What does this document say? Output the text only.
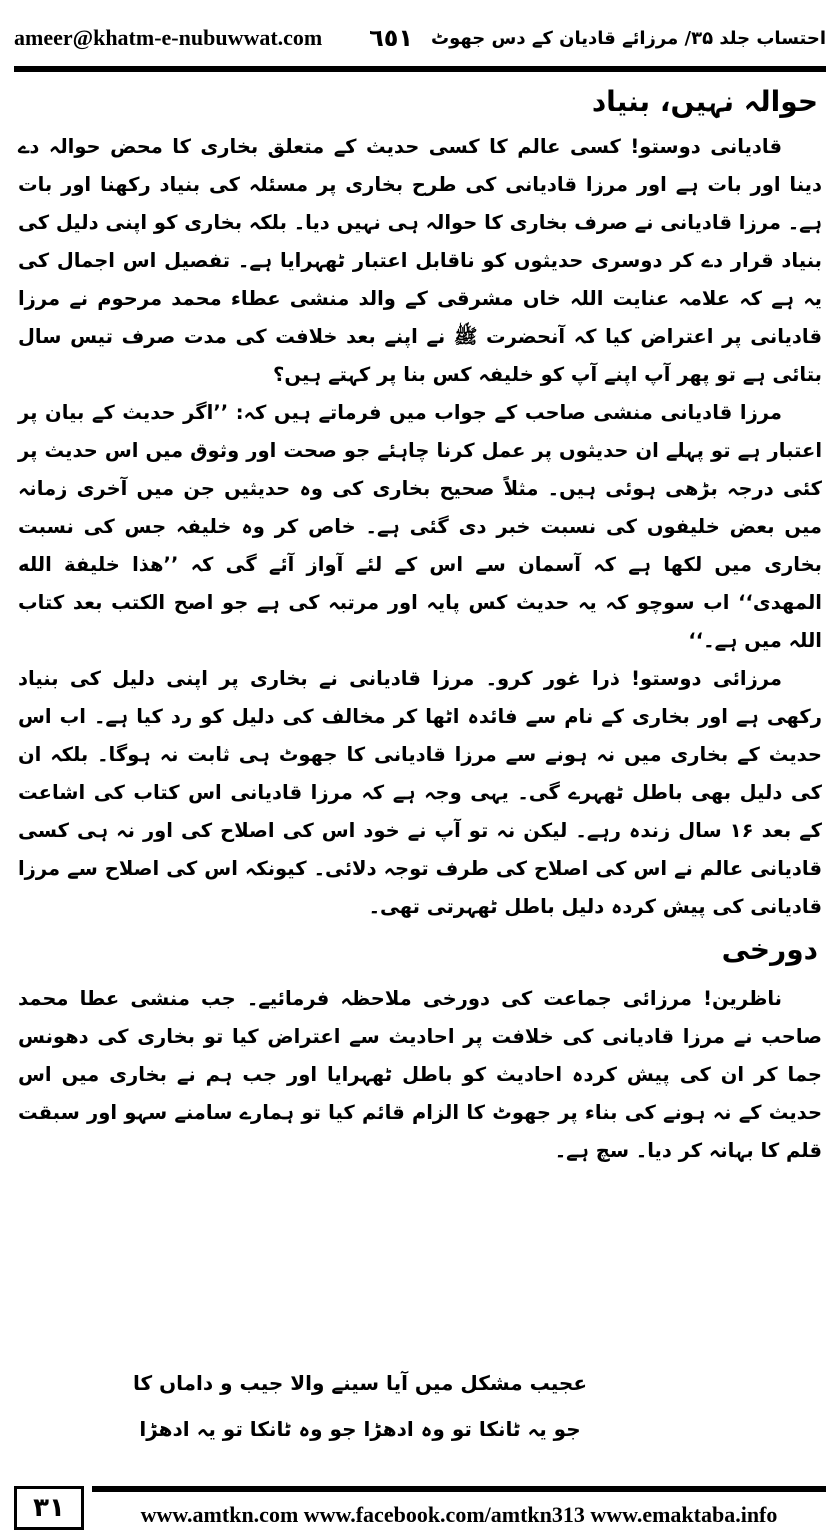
ameer@khatm-e-nubuwwat.com	احتساب جلد ۳۵/ مرزائے قادیان کے دس جھوٹ
٦٥١
حوالہ نہیں، بنیاد

قادیانی دوستو! کسی عالم کا کسی حدیث کے متعلق بخاری کا محض حوالہ دے دینا اور بات ہے اور مرزا قادیانی کی طرح بخاری پر مسئلہ کی بنیاد رکھنا اور بات ہے۔ مرزا قادیانی نے صرف بخاری کا حوالہ ہی نہیں دیا۔ بلکہ بخاری کو اپنی دلیل کی بنیاد قرار دے کر دوسری حدیثوں کو ناقابل اعتبار ٹھہرایا ہے۔ تفصیل اس اجمال کی یہ ہے کہ علامہ عنایت اللہ خاں مشرقی کے والد منشی عطاء محمد مرحوم نے مرزا قادیانی پر اعتراض کیا کہ آنحضرت ﷺ نے اپنے بعد خلافت کی مدت صرف تیس سال بتائی ہے تو پھر آپ اپنے آپ کو خلیفہ کس بنا پر کہتے ہیں؟

مرزا قادیانی منشی صاحب کے جواب میں فرماتے ہیں کہ: ’’اگر حدیث کے بیان پر اعتبار ہے تو پہلے ان حدیثوں پر عمل کرنا چاہئے جو صحت اور وثوق میں اس حدیث پر کئی درجہ بڑھی ہوئی ہیں۔ مثلاً صحیح بخاری کی وہ حدیثیں جن میں آخری زمانہ میں بعض خلیفوں کی نسبت خبر دی گئی ہے۔ خاص کر وہ خلیفہ جس کی نسبت بخاری میں لکھا ہے کہ آسمان سے اس کے لئے آواز آئے گی کہ ’’هذا خليفة الله المهدى‘‘ اب سوچو کہ یہ حدیث کس پایہ اور مرتبہ کی ہے جو اصح الکتب بعد کتاب اللہ میں ہے۔‘‘

مرزائی دوستو! ذرا غور کرو۔ مرزا قادیانی نے بخاری پر اپنی دلیل کی بنیاد رکھی ہے اور بخاری کے نام سے فائدہ اٹھا کر مخالف کی دلیل کو رد کیا ہے۔ اب اس حدیث کے بخاری میں نہ ہونے سے مرزا قادیانی کا جھوٹ ہی ثابت نہ ہوگا۔ بلکہ ان کی دلیل بھی باطل ٹھہرے گی۔ یہی وجہ ہے کہ مرزا قادیانی اس کتاب کی اشاعت کے بعد ۱۶ سال زندہ رہے۔ لیکن نہ تو آپ نے خود اس کی اصلاح کی اور نہ ہی کسی قادیانی عالم نے اس کی اصلاح کی طرف توجہ دلائی۔ کیونکہ اس کی اصلاح سے مرزا قادیانی کی پیش کردہ دلیل باطل ٹھہرتی تھی۔

دورخی

ناظرین! مرزائی جماعت کی دورخی ملاحظہ فرمائیے۔ جب منشی عطا محمد صاحب نے مرزا قادیانی کی خلافت پر احادیث سے اعتراض کیا تو بخاری کی دھونس جما کر ان کی پیش کردہ احادیث کو باطل ٹھہرایا اور جب ہم نے بخاری میں اس حدیث کے نہ ہونے کی بناء پر جھوٹ کا الزام قائم کیا تو ہمارے سامنے سہو اور سبقت قلم کا بہانہ کر دیا۔ سچ ہے۔

عجیب مشکل میں آیا سینے والا جیب و داماں کا
جو یہ ٹانکا تو وہ ادھڑا جو وہ ٹانکا تو یہ ادھڑا
۳۱	www.amtkn.com www.facebook.com/amtkn313 www.emaktaba.info
